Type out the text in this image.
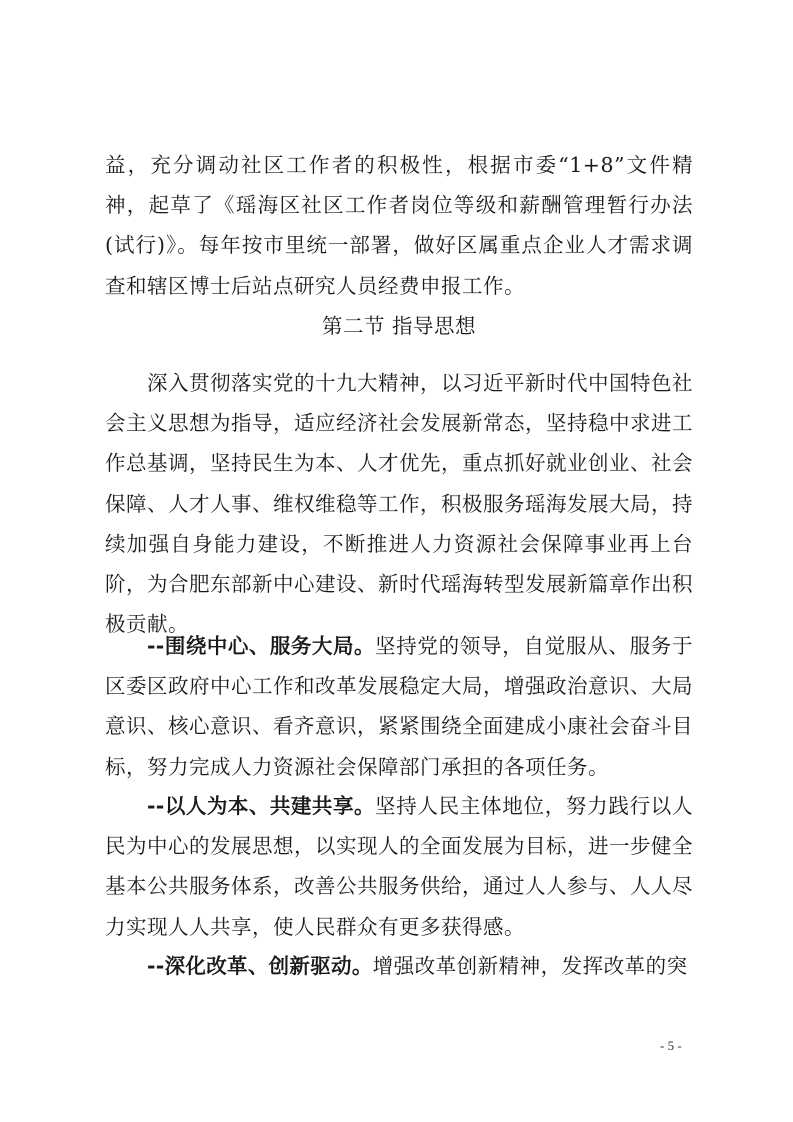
益，充分调动社区工作者的积极性，根据市委“1+8”文件精神，起草了《瑶海区社区工作者岗位等级和薪酬管理暂行办法(试行)》。每年按市里统一部署，做好区属重点企业人才需求调查和辖区博士后站点研究人员经费申报工作。

第二节 指导思想

深入贯彻落实党的十九大精神，以习近平新时代中国特色社会主义思想为指导，适应经济社会发展新常态，坚持稳中求进工作总基调，坚持民生为本、人才优先，重点抓好就业创业、社会保障、人才人事、维权维稳等工作，积极服务瑶海发展大局，持续加强自身能力建设，不断推进人力资源社会保障事业再上台阶，为合肥东部新中心建设、新时代瑶海转型发展新篇章作出积极贡献。

--围绕中心、服务大局。坚持党的领导，自觉服从、服务于区委区政府中心工作和改革发展稳定大局，增强政治意识、大局意识、核心意识、看齐意识，紧紧围绕全面建成小康社会奋斗目标，努力完成人力资源社会保障部门承担的各项任务。

--以人为本、共建共享。坚持人民主体地位，努力践行以人民为中心的发展思想，以实现人的全面发展为目标，进一步健全基本公共服务体系，改善公共服务供给，通过人人参与、人人尽力实现人人共享，使人民群众有更多获得感。

--深化改革、创新驱动。增强改革创新精神，发挥改革的突

- 5 -
